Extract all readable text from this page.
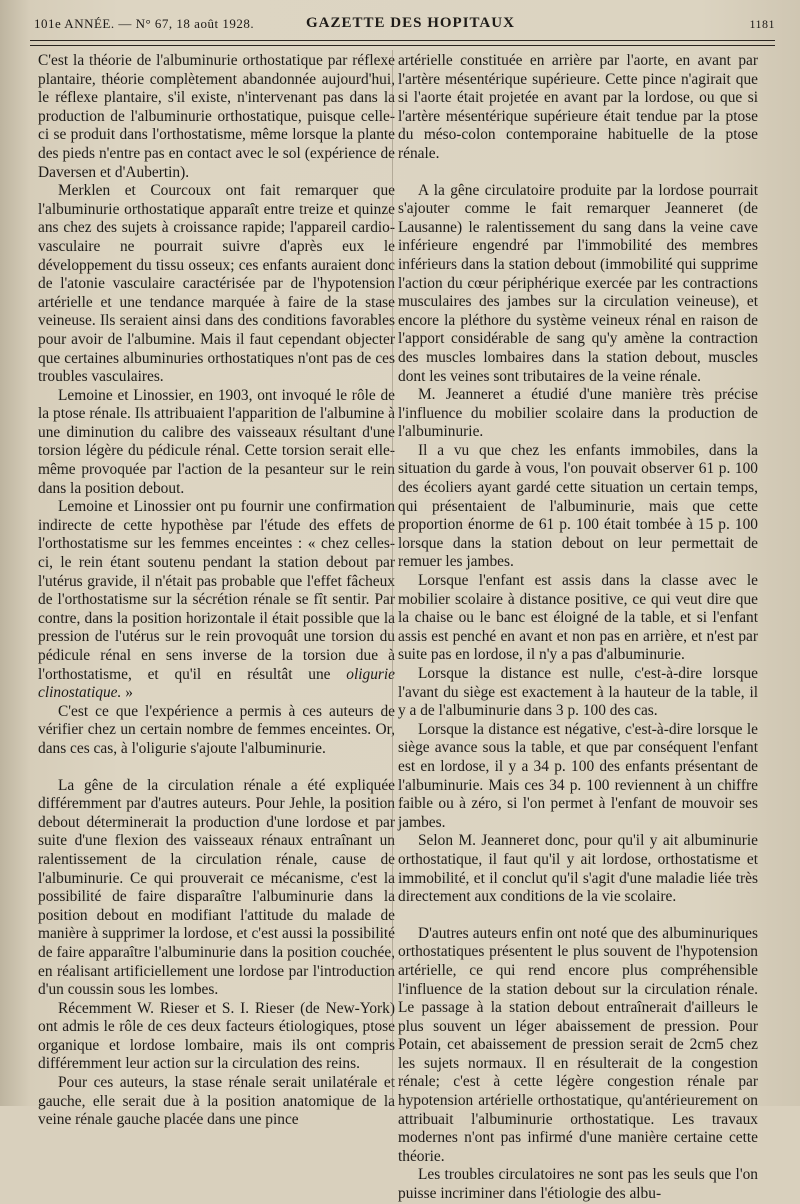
101e ANNÉE. — N° 67, 18 août 1928.	GAZETTE DES HOPITAUX	1181

C'est la théorie de l'albuminurie orthostatique par réflexe plantaire, théorie complètement abandonnée aujourd'hui, le réflexe plantaire, s'il existe, n'intervenant pas dans la production de l'albuminurie orthostatique, puisque celle-ci se produit dans l'orthostatisme, même lorsque la plante des pieds n'entre pas en contact avec le sol (expérience de Daversen et d'Aubertin).

Merklen et Courcoux ont fait remarquer que l'albuminurie orthostatique apparaît entre treize et quinze ans chez des sujets à croissance rapide; l'appareil cardio-vasculaire ne pourrait suivre d'après eux le développement du tissu osseux; ces enfants auraient donc de l'atonie vasculaire caractérisée par de l'hypotension artérielle et une tendance marquée à faire de la stase veineuse. Ils seraient ainsi dans des conditions favorables pour avoir de l'albumine. Mais il faut cependant objecter que certaines albuminuries orthostatiques n'ont pas de ces troubles vasculaires.

Lemoine et Linossier, en 1903, ont invoqué le rôle de la ptose rénale. Ils attribuaient l'apparition de l'albumine à une diminution du calibre des vaisseaux résultant d'une torsion légère du pédicule rénal. Cette torsion serait elle-même provoquée par l'action de la pesanteur sur le rein dans la position debout.

Lemoine et Linossier ont pu fournir une confirmation indirecte de cette hypothèse par l'étude des effets de l'orthostatisme sur les femmes enceintes : « chez celles-ci, le rein étant soutenu pendant la station debout par l'utérus gravide, il n'était pas probable que l'effet fâcheux de l'orthostatisme sur la sécrétion rénale se fît sentir. Par contre, dans la position horizontale il était possible que la pression de l'utérus sur le rein provoquât une torsion du pédicule rénal en sens inverse de la torsion due à l'orthostatisme, et qu'il en résultât une oligurie clinostatique. »

C'est ce que l'expérience a permis à ces auteurs de vérifier chez un certain nombre de femmes enceintes. Or, dans ces cas, à l'oligurie s'ajoute l'albuminurie.

La gêne de la circulation rénale a été expliquée différemment par d'autres auteurs. Pour Jehle, la position debout déterminerait la production d'une lordose et par suite d'une flexion des vaisseaux rénaux entraînant un ralentissement de la circulation rénale, cause de l'albuminurie. Ce qui prouverait ce mécanisme, c'est la possibilité de faire disparaître l'albuminurie dans la position debout en modifiant l'attitude du malade de manière à supprimer la lordose, et c'est aussi la possibilité de faire apparaître l'albuminurie dans la position couchée, en réalisant artificiellement une lordose par l'introduction d'un coussin sous les lombes.

Récemment W. Rieser et S. I. Rieser (de New-York) ont admis le rôle de ces deux facteurs étiologiques, ptose organique et lordose lombaire, mais ils ont compris différemment leur action sur la circulation des reins.

Pour ces auteurs, la stase rénale serait unilatérale et gauche, elle serait due à la position anatomique de la veine rénale gauche placée dans une pince

artérielle constituée en arrière par l'aorte, en avant par l'artère mésentérique supérieure. Cette pince n'agirait que si l'aorte était projetée en avant par la lordose, ou que si l'artère mésentérique supérieure était tendue par la ptose du méso-colon contemporaine habituelle de la ptose rénale.

A la gêne circulatoire produite par la lordose pourrait s'ajouter comme le fait remarquer Jeanneret (de Lausanne) le ralentissement du sang dans la veine cave inférieure engendré par l'immobilité des membres inférieurs dans la station debout (immobilité qui supprime l'action du cœur périphérique exercée par les contractions musculaires des jambes sur la circulation veineuse), et encore la pléthore du système veineux rénal en raison de l'apport considérable de sang qu'y amène la contraction des muscles lombaires dans la station debout, muscles dont les veines sont tributaires de la veine rénale.

M. Jeanneret a étudié d'une manière très précise l'influence du mobilier scolaire dans la production de l'albuminurie.

Il a vu que chez les enfants immobiles, dans la situation du garde à vous, l'on pouvait observer 61 p. 100 des écoliers ayant gardé cette situation un certain temps, qui présentaient de l'albuminurie, mais que cette proportion énorme de 61 p. 100 était tombée à 15 p. 100 lorsque dans la station debout on leur permettait de remuer les jambes.

Lorsque l'enfant est assis dans la classe avec le mobilier scolaire à distance positive, ce qui veut dire que la chaise ou le banc est éloigné de la table, et si l'enfant assis est penché en avant et non pas en arrière, et n'est par suite pas en lordose, il n'y a pas d'albuminurie.

Lorsque la distance est nulle, c'est-à-dire lorsque l'avant du siège est exactement à la hauteur de la table, il y a de l'albuminurie dans 3 p. 100 des cas.

Lorsque la distance est négative, c'est-à-dire lorsque le siège avance sous la table, et que par conséquent l'enfant est en lordose, il y a 34 p. 100 des enfants présentant de l'albuminurie. Mais ces 34 p. 100 reviennent à un chiffre faible ou à zéro, si l'on permet à l'enfant de mouvoir ses jambes.

Selon M. Jeanneret donc, pour qu'il y ait albuminurie orthostatique, il faut qu'il y ait lordose, orthostatisme et immobilité, et il conclut qu'il s'agit d'une maladie liée très directement aux conditions de la vie scolaire.

D'autres auteurs enfin ont noté que des albuminuriques orthostatiques présentent le plus souvent de l'hypotension artérielle, ce qui rend encore plus compréhensible l'influence de la station debout sur la circulation rénale. Le passage à la station debout entraînerait d'ailleurs le plus souvent un léger abaissement de pression. Pour Potain, cet abaissement de pression serait de 2cm5 chez les sujets normaux. Il en résulterait de la congestion rénale; c'est à cette légère congestion rénale par hypotension artérielle orthostatique, qu'antérieurement on attribuait l'albuminurie orthostatique. Les travaux modernes n'ont pas infirmé d'une manière certaine cette théorie.

Les troubles circulatoires ne sont pas les seuls que l'on puisse incriminer dans l'étiologie des albu-
